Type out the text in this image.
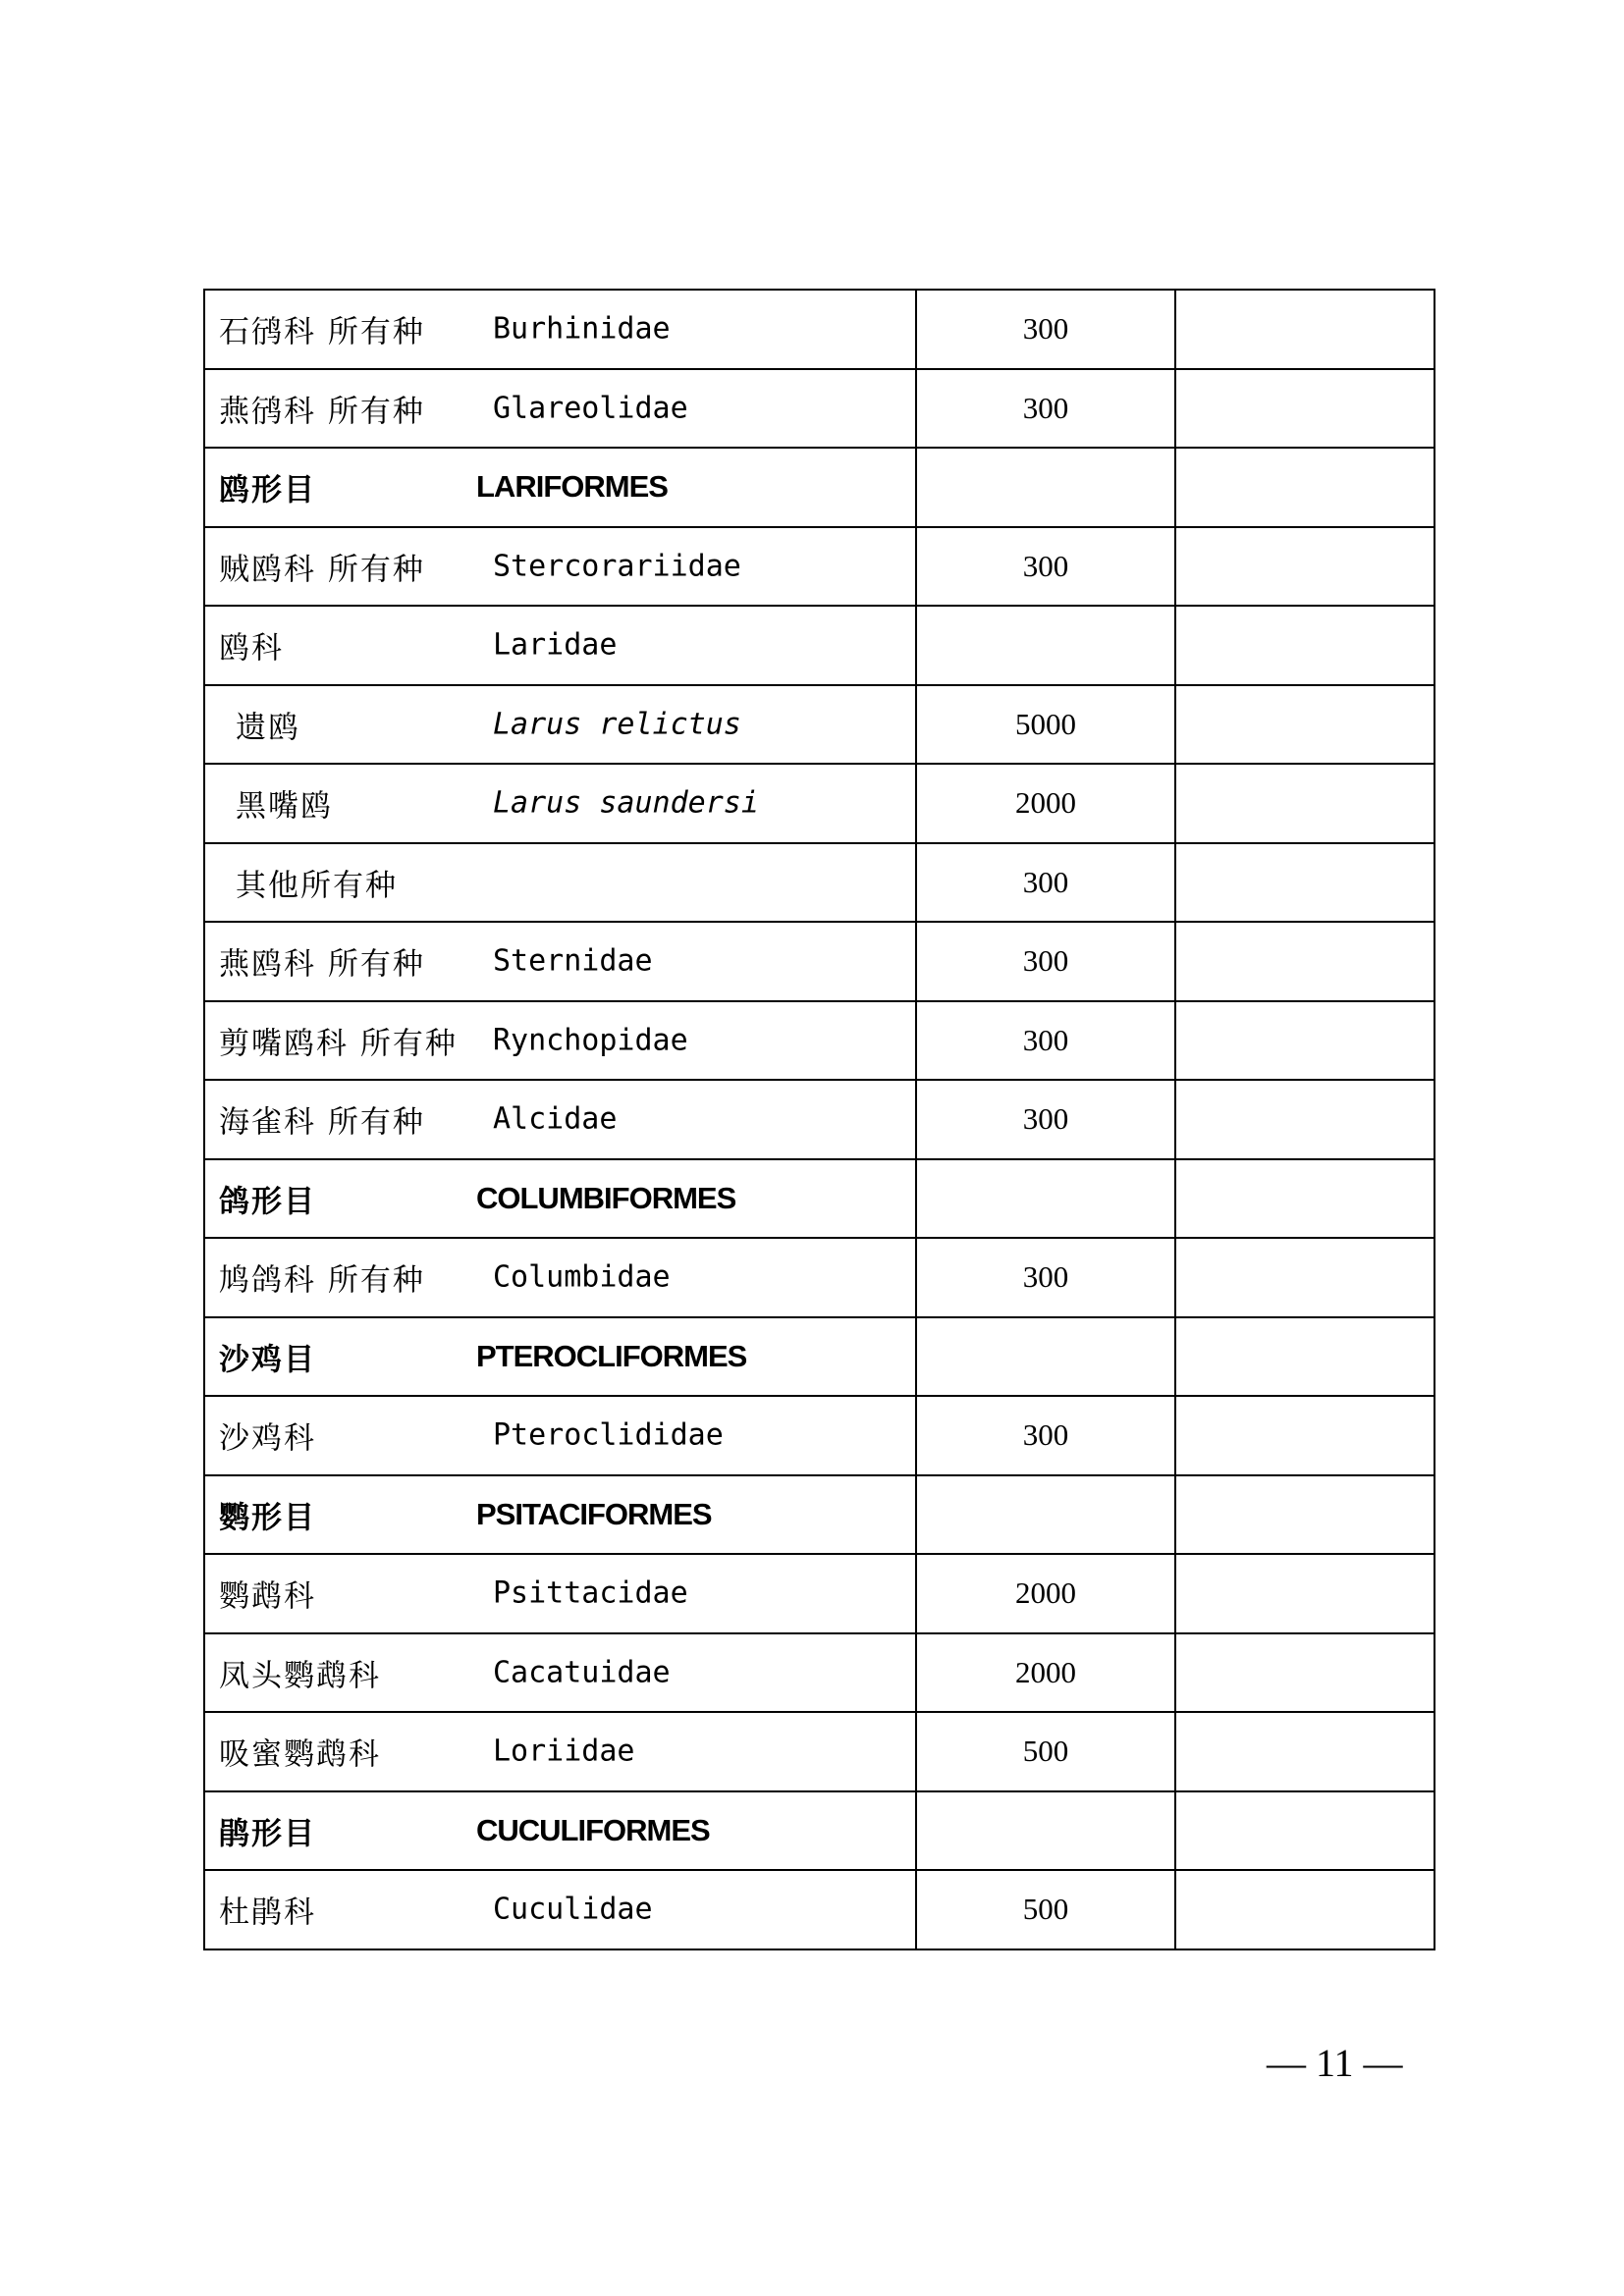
石鸻科 所有种 Burhinidae	300	

燕鸻科 所有种 Glareolidae	300	

鸥形目 LARIFORMES		

贼鸥科 所有种 Stercorariidae	300	

鸥科 Laridae		

遗鸥 Larus relictus	5000	

黑嘴鸥 Larus saundersi	2000	

其他所有种	300	

燕鸥科 所有种 Sternidae	300	

剪嘴鸥科 所有种 Rynchopidae	300	

海雀科 所有种 Alcidae	300	

鸽形目 COLUMBIFORMES		

鸠鸽科 所有种 Columbidae	300	

沙鸡目 PTEROCLIFORMES		

沙鸡科 Pteroclididae	300	

鹦形目 PSITACIFORMES		

鹦鹉科 Psittacidae	2000	

凤头鹦鹉科 Cacatuidae	2000	

吸蜜鹦鹉科 Loriidae	500	

鹃形目 CUCULIFORMES		

杜鹃科 Cuculidae	500	
— 11 —
